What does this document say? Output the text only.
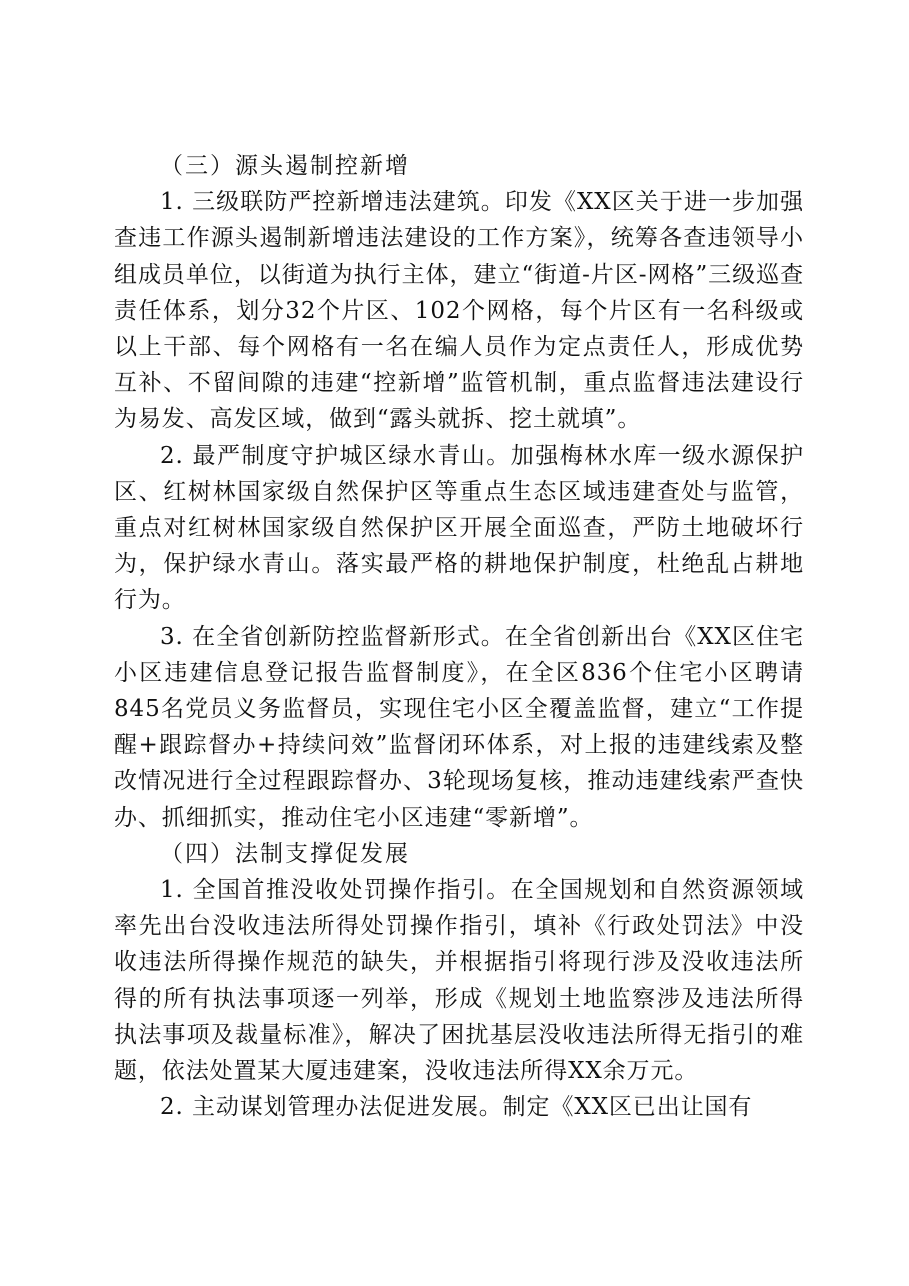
（三）源头遏制控新增

1. 三级联防严控新增违法建筑。印发《XX区关于进一步加强查违工作源头遏制新增违法建设的工作方案》，统筹各查违领导小组成员单位，以街道为执行主体，建立“街道-片区-网格”三级巡查责任体系，划分32个片区、102个网格，每个片区有一名科级或以上干部、每个网格有一名在编人员作为定点责任人，形成优势互补、不留间隙的违建“控新增”监管机制，重点监督违法建设行为易发、高发区域，做到“露头就拆、挖土就填”。

2. 最严制度守护城区绿水青山。加强梅林水库一级水源保护区、红树林国家级自然保护区等重点生态区域违建查处与监管，重点对红树林国家级自然保护区开展全面巡查，严防土地破坏行为，保护绿水青山。落实最严格的耕地保护制度，杜绝乱占耕地行为。

3. 在全省创新防控监督新形式。在全省创新出台《XX区住宅小区违建信息登记报告监督制度》，在全区836个住宅小区聘请845名党员义务监督员，实现住宅小区全覆盖监督，建立“工作提醒+跟踪督办+持续问效”监督闭环体系，对上报的违建线索及整改情况进行全过程跟踪督办、3轮现场复核，推动违建线索严查快办、抓细抓实，推动住宅小区违建“零新增”。

（四）法制支撑促发展

1. 全国首推没收处罚操作指引。在全国规划和自然资源领域率先出台没收违法所得处罚操作指引，填补《行政处罚法》中没收违法所得操作规范的缺失，并根据指引将现行涉及没收违法所得的所有执法事项逐一列举，形成《规划土地监察涉及违法所得执法事项及裁量标准》，解决了困扰基层没收违法所得无指引的难题，依法处置某大厦违建案，没收违法所得XX余万元。

2. 主动谋划管理办法促进发展。制定《XX区已出让国有
